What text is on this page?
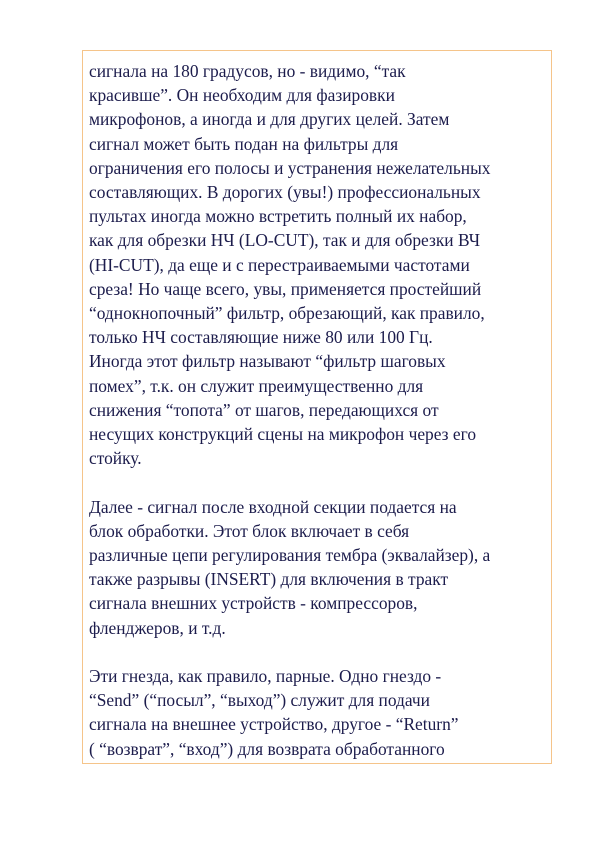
сигнала на 180 градусов, но - видимо, “так
красивше”. Он необходим для фазировки
микрофонов, а иногда и для других целей. Затем
сигнал может быть подан на фильтры для
ограничения его полосы и устранения нежелательных
составляющих. В дорогих (увы!) профессиональных
пультах иногда можно встретить полный их набор,
как для обрезки НЧ (LO-CUT), так и для обрезки ВЧ
(HI-CUT), да еще и с перестраиваемыми частотами
среза! Но чаще всего, увы, применяется простейший
“однокнопочный” фильтр, обрезающий, как правило,
только НЧ составляющие ниже 80 или 100 Гц.
Иногда этот фильтр называют “фильтр шаговых
помех”, т.к. он служит преимущественно для
снижения “топота” от шагов, передающихся от
несущих конструкций сцены на микрофон через его
стойку.

Далее - сигнал после входной секции подается на
блок обработки. Этот блок включает в себя
различные цепи регулирования тембра (эквалайзер), а
также разрывы (INSERT) для включения в тракт
сигнала внешних устройств - компрессоров,
фленджеров, и т.д.

Эти гнезда, как правило, парные. Одно гнездо -
“Send” (“посыл”, “выход”) служит для подачи
сигнала на внешнее устройство, другое - “Return”
( “возврат”, “вход”) для возврата обработанного
